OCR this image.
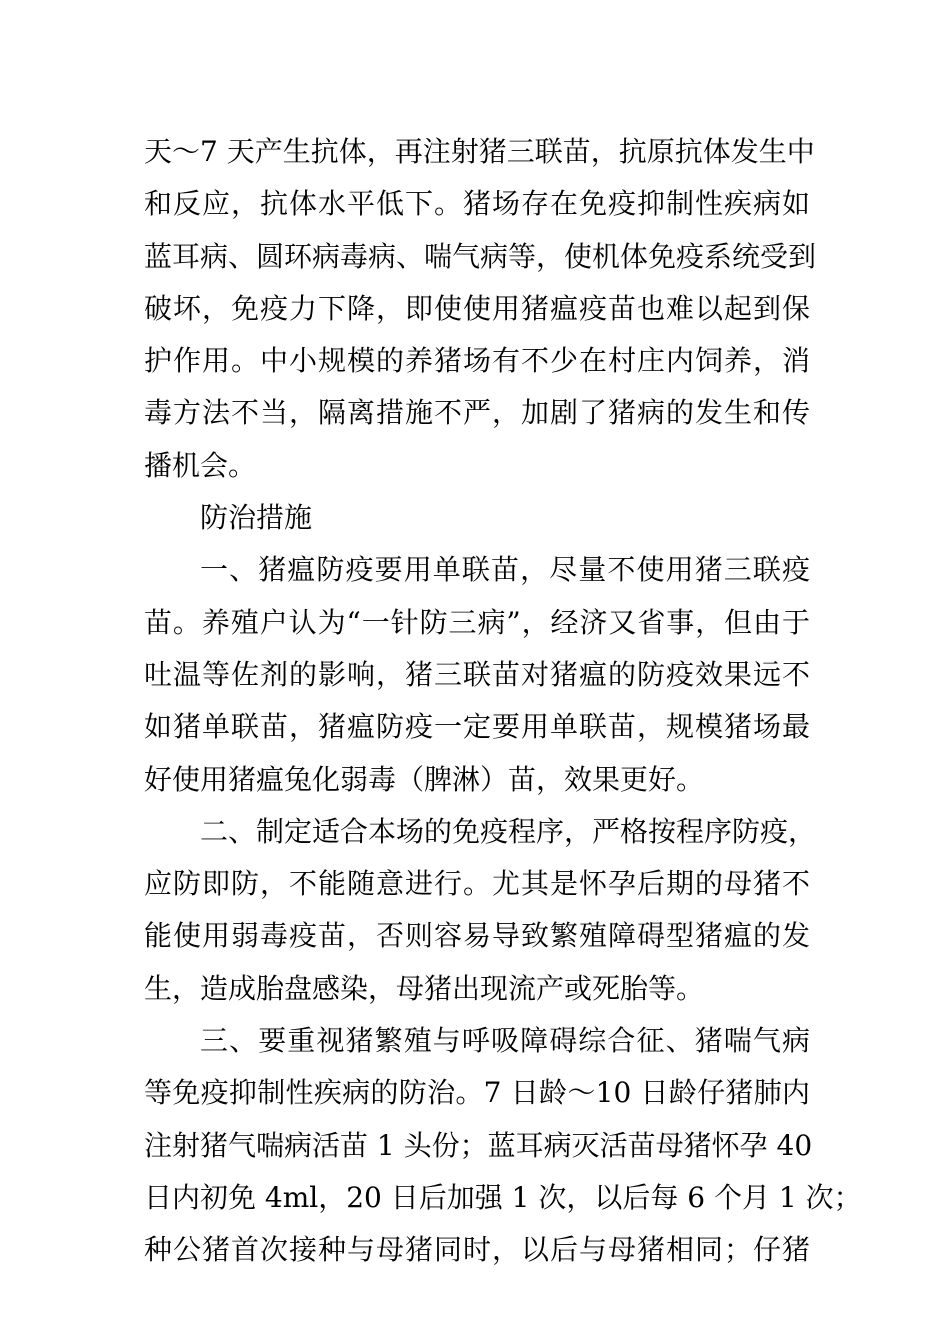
天～7 天产生抗体，再注射猪三联苗，抗原抗体发生中
和反应，抗体水平低下。猪场存在免疫抑制性疾病如
蓝耳病、圆环病毒病、喘气病等，使机体免疫系统受到
破坏，免疫力下降，即使使用猪瘟疫苗也难以起到保
护作用。中小规模的养猪场有不少在村庄内饲养，消
毒方法不当，隔离措施不严，加剧了猪病的发生和传
播机会。
防治措施
一、猪瘟防疫要用单联苗，尽量不使用猪三联疫
苗。养殖户认为“一针防三病”，经济又省事，但由于
吐温等佐剂的影响，猪三联苗对猪瘟的防疫效果远不
如猪单联苗，猪瘟防疫一定要用单联苗，规模猪场最
好使用猪瘟兔化弱毒（脾淋）苗，效果更好。
二、制定适合本场的免疫程序，严格按程序防疫，
应防即防，不能随意进行。尤其是怀孕后期的母猪不
能使用弱毒疫苗，否则容易导致繁殖障碍型猪瘟的发
生，造成胎盘感染，母猪出现流产或死胎等。
三、要重视猪繁殖与呼吸障碍综合征、猪喘气病
等免疫抑制性疾病的防治。7 日龄～10 日龄仔猪肺内
注射猪气喘病活苗 1 头份；蓝耳病灭活苗母猪怀孕 40
日内初免 4ml，20 日后加强 1 次，以后每 6 个月 1 次；
种公猪首次接种与母猪同时，以后与母猪相同；仔猪
